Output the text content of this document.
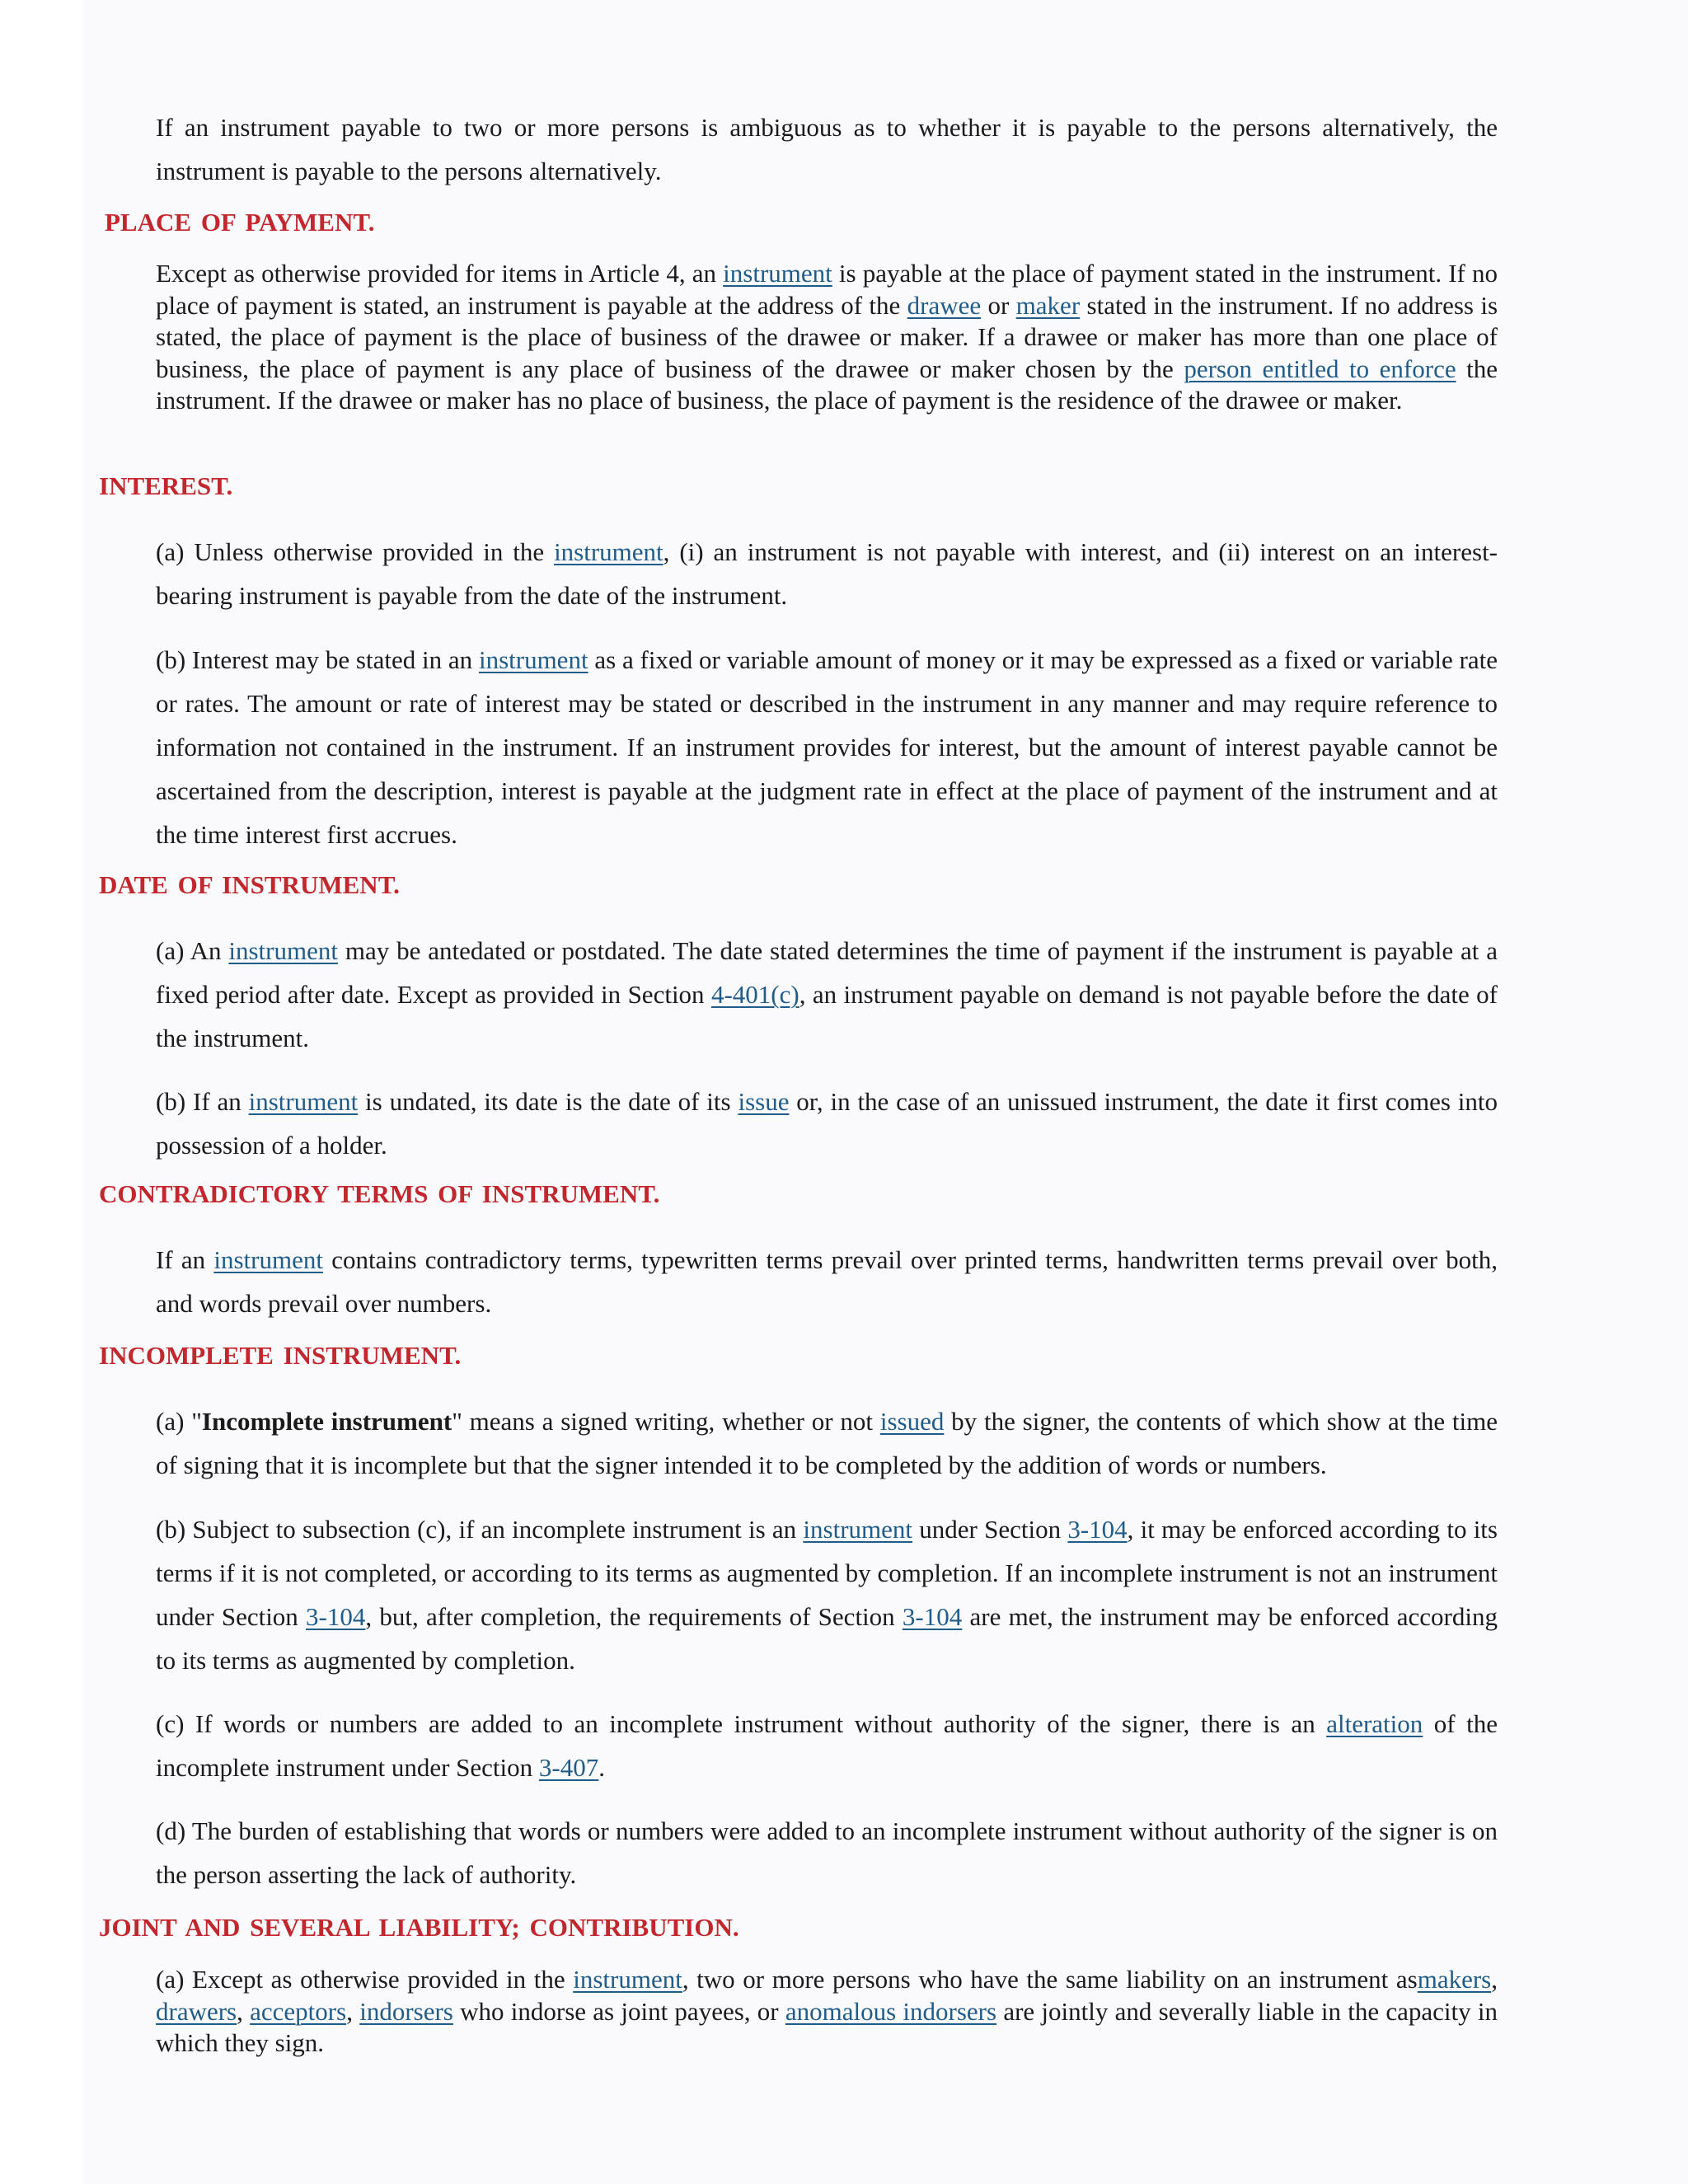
If an instrument payable to two or more persons is ambiguous as to whether it is payable to the persons alternatively, the instrument is payable to the persons alternatively.

PLACE OF PAYMENT.

Except as otherwise provided for items in Article 4, an instrument is payable at the place of payment stated in the instrument. If no place of payment is stated, an instrument is payable at the address of the drawee or maker stated in the instrument. If no address is stated, the place of payment is the place of business of the drawee or maker. If a drawee or maker has more than one place of business, the place of payment is any place of business of the drawee or maker chosen by the person entitled to enforce the instrument. If the drawee or maker has no place of business, the place of payment is the residence of the drawee or maker.

INTEREST.

(a) Unless otherwise provided in the instrument, (i) an instrument is not payable with interest, and (ii) interest on an interest-bearing instrument is payable from the date of the instrument.

(b) Interest may be stated in an instrument as a fixed or variable amount of money or it may be expressed as a fixed or variable rate or rates. The amount or rate of interest may be stated or described in the instrument in any manner and may require reference to information not contained in the instrument. If an instrument provides for interest, but the amount of interest payable cannot be ascertained from the description, interest is payable at the judgment rate in effect at the place of payment of the instrument and at the time interest first accrues.

DATE OF INSTRUMENT.

(a) An instrument may be antedated or postdated. The date stated determines the time of payment if the instrument is payable at a fixed period after date. Except as provided in Section 4-401(c), an instrument payable on demand is not payable before the date of the instrument.

(b) If an instrument is undated, its date is the date of its issue or, in the case of an unissued instrument, the date it first comes into possession of a holder.

CONTRADICTORY TERMS OF INSTRUMENT.

If an instrument contains contradictory terms, typewritten terms prevail over printed terms, handwritten terms prevail over both, and words prevail over numbers.

INCOMPLETE INSTRUMENT.

(a) "Incomplete instrument" means a signed writing, whether or not issued by the signer, the contents of which show at the time of signing that it is incomplete but that the signer intended it to be completed by the addition of words or numbers.

(b) Subject to subsection (c), if an incomplete instrument is an instrument under Section 3-104, it may be enforced according to its terms if it is not completed, or according to its terms as augmented by completion. If an incomplete instrument is not an instrument under Section 3-104, but, after completion, the requirements of Section 3-104 are met, the instrument may be enforced according to its terms as augmented by completion.

(c) If words or numbers are added to an incomplete instrument without authority of the signer, there is an alteration of the incomplete instrument under Section 3-407.

(d) The burden of establishing that words or numbers were added to an incomplete instrument without authority of the signer is on the person asserting the lack of authority.

JOINT AND SEVERAL LIABILITY; CONTRIBUTION.

(a) Except as otherwise provided in the instrument, two or more persons who have the same liability on an instrument asmakers, drawers, acceptors, indorsers who indorse as joint payees, or anomalous indorsers are jointly and severally liable in the capacity in which they sign.
